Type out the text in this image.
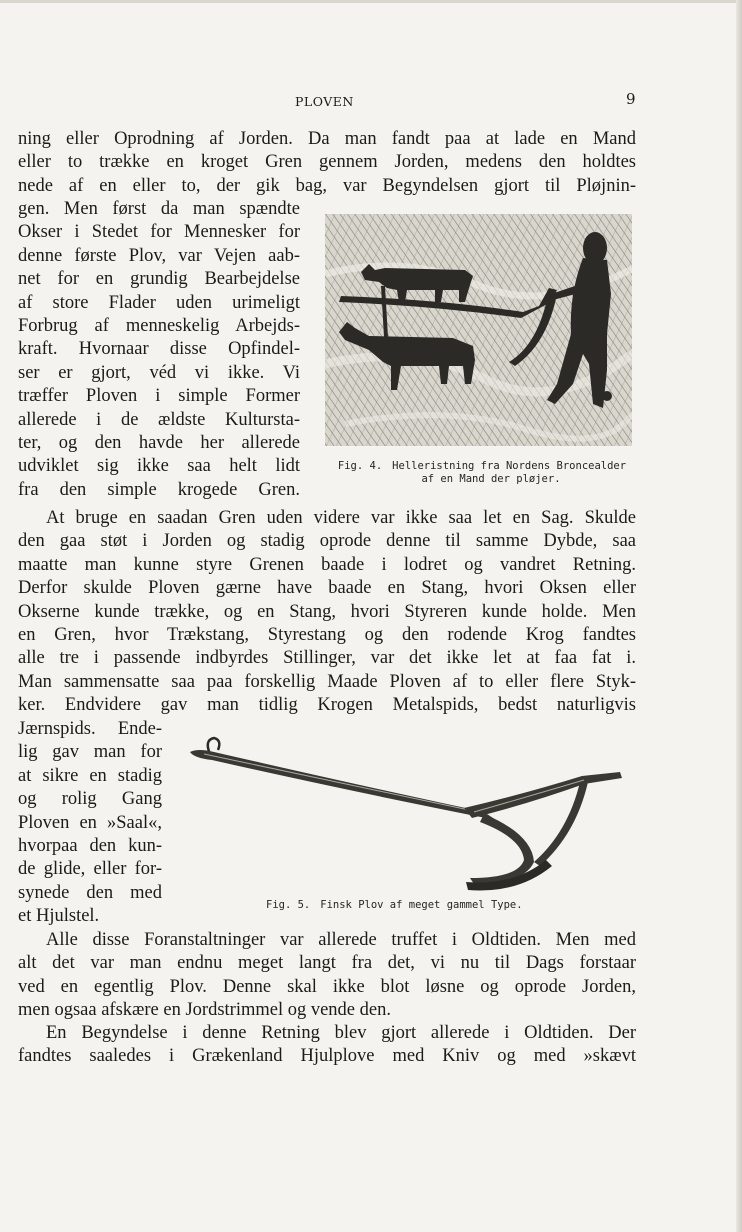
PLOVEN	9
ning eller Oprodning af Jorden. Da man fandt paa at lade en Mand
eller to trække en kroget Gren gennem Jorden, medens den holdtes
nede af en eller to, der gik bag, var Begyndelsen gjort til Pløjnin-
gen. Men først da man spændte
Okser i Stedet for Mennesker for
denne første Plov, var Vejen aab-
net for en grundig Bearbejdelse
af store Flader uden urimeligt
Forbrug af menneskelig Arbejds-
kraft. Hvornaar disse Opfindel-
ser er gjort, véd vi ikke. Vi
træffer Ploven i simple Former
allerede i de ældste Kulturstа-
ter, og den havde her allerede
udviklet sig ikke saa helt lidt
fra den simple krogede Gren.
Fig. 4. Helleristning fra Nordens Broncealder
af en Mand der pløjer.
At bruge en saadan Gren uden videre var ikke saa let en Sag. Skulde
den gaa støt i Jorden og stadig oprode denne til samme Dybde, saa
maatte man kunne styre Grenen baade i lodret og vandret Retning.
Derfor skulde Ploven gærne have baade en Stang, hvori Oksen eller
Okserne kunde trække, og en Stang, hvori Styreren kunde holde. Men
en Gren, hvor Trækstang, Styrestang og den rodende Krog fandtes
alle tre i passende indbyrdes Stillinger, var det ikke let at faa fat i.
Man sammensatte saa paa forskellig Maade Ploven af to eller flere Styk-
ker. Endvidere gav man tidlig Krogen Metalspids, bedst naturligvis
Jærnspids. Ende-
lig gav man for
at sikre en stadig
og rolig Gang
Ploven en »Saal«,
hvorpaa den kun-
de glide, eller for-
synede den med
et Hjulstel.
Fig. 5. Finsk Plov af meget gammel Type.
Alle disse Foranstaltninger var allerede truffet i Oldtiden. Men med
alt det var man endnu meget langt fra det, vi nu til Dags forstaar
ved en egentlig Plov. Denne skal ikke blot løsne og oprode Jorden,
men ogsaa afskære en Jordstrimmel og vende den.
En Begyndelse i denne Retning blev gjort allerede i Oldtiden. Der
fandtes saaledes i Grækenland Hjulplove med Kniv og med »skævt
